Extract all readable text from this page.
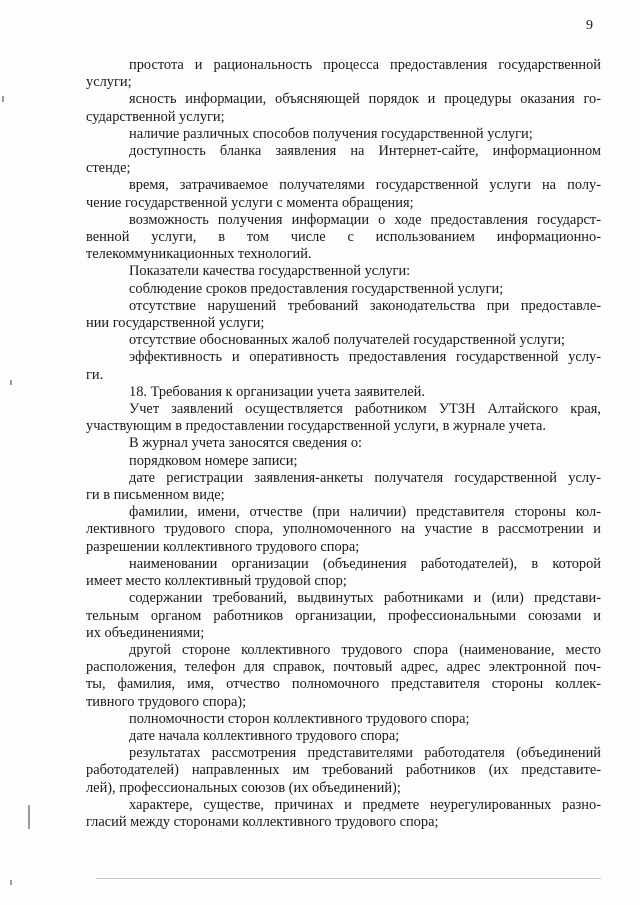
9
простота и рациональность процесса предоставления государственной
услуги;
ясность информации, объясняющей порядок и процедуры оказания го-
сударственной услуги;
наличие различных способов получения государственной услуги;
доступность бланка заявления на Интернет-сайте, информационном
стенде;
время, затрачиваемое получателями государственной услуги на полу-
чение государственной услуги с момента обращения;
возможность получения информации о ходе предоставления государст-
венной услуги, в том числе с использованием информационно-
телекоммуникационных технологий.
Показатели качества государственной услуги:
соблюдение сроков предоставления государственной услуги;
отсутствие нарушений требований законодательства при предоставле-
нии государственной услуги;
отсутствие обоснованных жалоб получателей государственной услуги;
эффективность и оперативность предоставления государственной услу-
ги.
18. Требования к организации учета заявителей.
Учет заявлений осуществляется работником УТЗН Алтайского края,
участвующим в предоставлении государственной услуги, в журнале учета.
В журнал учета заносятся сведения о:
порядковом номере записи;
дате регистрации заявления-анкеты получателя государственной услу-
ги в письменном виде;
фамилии, имени, отчестве (при наличии) представителя стороны кол-
лективного трудового спора, уполномоченного на участие в рассмотрении и
разрешении коллективного трудового спора;
наименовании организации (объединения работодателей), в которой
имеет место коллективный трудовой спор;
содержании требований, выдвинутых работниками и (или) представи-
тельным органом работников организации, профессиональными союзами и
их объединениями;
другой стороне коллективного трудового спора (наименование, место
расположения, телефон для справок, почтовый адрес, адрес электронной поч-
ты, фамилия, имя, отчество полномочного представителя стороны коллек-
тивного трудового спора);
полномочности сторон коллективного трудового спора;
дате начала коллективного трудового спора;
результатах рассмотрения представителями работодателя (объединений
работодателей) направленных им требований работников (их представите-
лей), профессиональных союзов (их объединений);
характере, существе, причинах и предмете неурегулированных разно-
гласий между сторонами коллективного трудового спора;
